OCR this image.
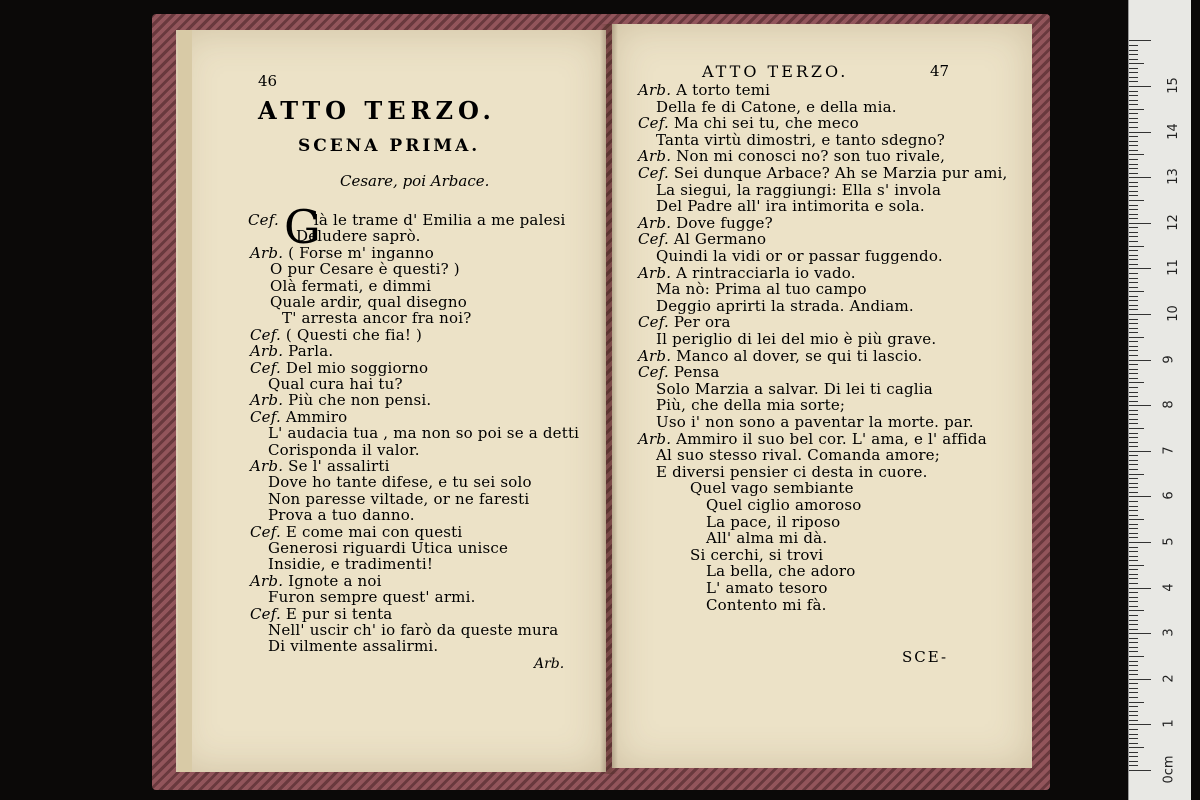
46
ATTO TERZO.
SCENA PRIMA.
Cesare, poi Arbace.
G
Cef. là le trame d' Emilia a me palesi
Deludere saprò.
Arb. ( Forse m' inganno
O pur Cesare è questi? )
Olà fermati, e dimmi
Quale ardir, qual disegno
T' arresta ancor fra noi?
Cef. ( Questi che fia! )
Arb. Parla.
Cef. Del mio soggiorno
Qual cura hai tu?
Arb. Più che non pensi.
Cef. Ammiro
L' audacia tua , ma non so poi se a detti
Corisponda il valor.
Arb. Se l' assalirti
Dove ho tante difese, e tu sei solo
Non paresse viltade, or ne faresti
Prova a tuo danno.
Cef. E come mai con questi
Generosi riguardi Utica unisce
Insidie, e tradimenti!
Arb. Ignote a noi
Furon sempre quest' armi.
Cef. E pur si tenta
Nell' uscir ch' io farò da queste mura
Di vilmente assalirmi.
Arb.
ATTO TERZO.	47
Arb. A torto temi
Della fe di Catone, e della mia.
Cef. Ma chi sei tu, che meco
Tanta virtù dimostri, e tanto sdegno?
Arb. Non mi conosci no? son tuo rivale,
Cef. Sei dunque Arbace? Ah se Marzia pur ami,
La siegui, la raggiungi: Ella s' invola
Del Padre all' ira intimorita e sola.
Arb. Dove fugge?
Cef. Al Germano
Quindi la vidi or or passar fuggendo.
Arb. A rintracciarla io vado.
Ma nò: Prima al tuo campo
Deggio aprirti la strada. Andiam.
Cef. Per ora
Il periglio di lei del mio è più grave.
Arb. Manco al dover, se qui ti lascio.
Cef. Pensa
Solo Marzia a salvar. Di lei ti caglia
Più, che della mia sorte;
Uso i' non sono a paventar la morte. par.
Arb. Ammiro il suo bel cor. L' ama, e l' affida
Al suo stesso rival. Comanda amore;
E diversi pensier ci desta in cuore.
Quel vago sembiante
Quel ciglio amoroso
La pace, il riposo
All' alma mi dà.
Si cerchi, si trovi
La bella, che adoro
L' amato tesoro
Contento mi fà.
SCE-
0cm
1
2
3
4
5
6
7
8
9
10
11
12
13
14
15
